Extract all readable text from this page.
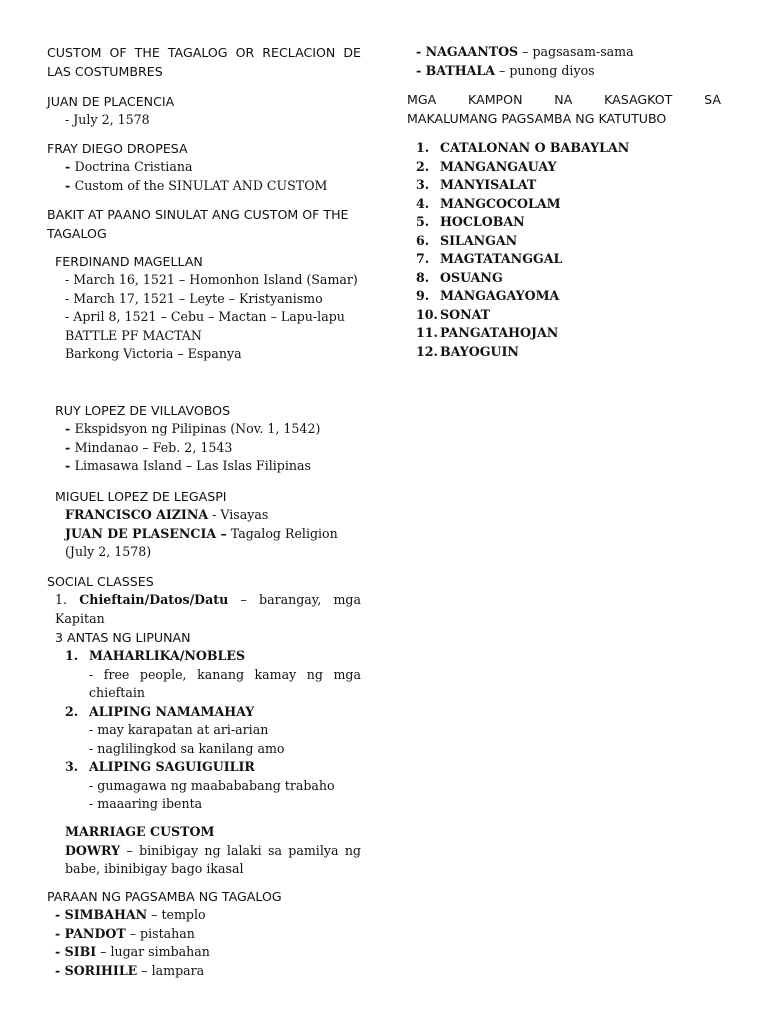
CUSTOM OF THE TAGALOG OR RECLACION DE LAS COSTUMBRES

JUAN DE PLACENCIA

- July 2, 1578

FRAY DIEGO DROPESA

- Doctrina Cristiana

- Custom of the SINULAT AND CUSTOM

BAKIT AT PAANO SINULAT ANG CUSTOM OF THE TAGALOG

FERDINAND MAGELLAN

- March 16, 1521 – Homonhon Island (Samar)

- March 17, 1521 – Leyte – Kristyanismo

- April 8, 1521 – Cebu – Mactan – Lapu-lapu

BATTLE PF MACTAN

Barkong Victoria – Espanya

RUY LOPEZ DE VILLAVOBOS

- Ekspidsyon ng Pilipinas (Nov. 1, 1542)

- Mindanao – Feb. 2, 1543

- Limasawa Island – Las Islas Filipinas

MIGUEL LOPEZ DE LEGASPI

FRANCISCO AIZINA - Visayas

JUAN DE PLASENCIA – Tagalog Religion

(July 2, 1578)

SOCIAL CLASSES

1. Chieftain/Datos/Datu – barangay, mga Kapitan

3 ANTAS NG LIPUNAN

1. MAHARLIKA/NOBLES

- free people, kanang kamay ng mga chieftain

2. ALIPING NAMAMAHAY

- may karapatan at ari-arian

- naglilingkod sa kanilang amo

3. ALIPING SAGUIGUILIR

- gumagawa ng maabababang trabaho

- maaaring ibenta

MARRIAGE CUSTOM

DOWRY – binibigay ng lalaki sa pamilya ng babe, ibinibigay bago ikasal

PARAAN NG PAGSAMBA NG TAGALOG

- SIMBAHAN – templo

- PANDOT – pistahan

- SIBI – lugar simbahan

- SORIHILE – lampara

- NAGAANTOS – pagsasam-sama

- BATHALA – punong diyos

MGA KAMPON NA KASAGKOT SA

MAKALUMANG PAGSAMBA NG KATUTUBO

1. CATALONAN O BABAYLAN

2. MANGANGAUAY

3. MANYISALAT

4. MANGCOCOLAM

5. HOCLOBAN

6. SILANGAN

7. MAGTATANGGAL

8. OSUANG

9. MANGAGAYOMA

10. SONAT

11. PANGATAHOJAN

12. BAYOGUIN
